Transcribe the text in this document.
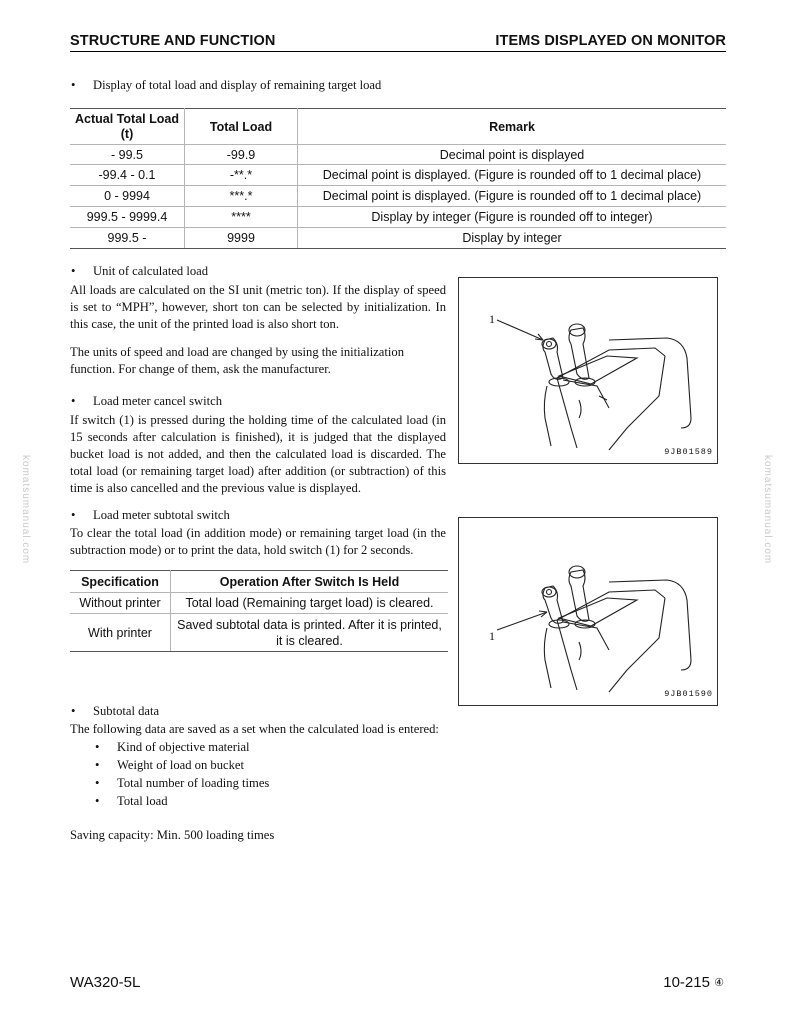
STRUCTURE AND FUNCTION	ITEMS DISPLAYED ON MONITOR
• Display of total load and display of remaining target load
Actual Total Load (t)	Total Load	Remark
- 99.5	-99.9	Decimal point is displayed
-99.4 - 0.1	-**.*	Decimal point is displayed. (Figure is rounded off to 1 decimal place)
0 - 9994	***.*	Decimal point is displayed. (Figure is rounded off to 1 decimal place)
999.5 - 9999.4	****	Display by integer (Figure is rounded off to integer)
999.5 -	9999	Display by integer
• Unit of calculated load
All loads are calculated on the SI unit (metric ton). If the display of speed is set to “MPH”, however, short ton can be selected by initialization. In this case, the unit of the printed load is also short ton.
The units of speed and load are changed by using the initialization function. For change of them, ask the manufacturer.
• Load meter cancel switch
If switch (1) is pressed during the holding time of the calculated load (in 15 seconds after calculation is finished), it is judged that the displayed bucket load is not added, and then the calculated load is discarded. The total load (or remaining target load) after addition (or subtraction) of this time is also cancelled and the previous value is displayed.
• Load meter subtotal switch
To clear the total load (in addition mode) or remaining target load (in the subtraction mode) or to print the data, hold switch (1) for 2 seconds.
Specification	Operation After Switch Is Held
Without printer	Total load (Remaining target load) is cleared.
With printer	Saved subtotal data is printed. After it is printed, it is cleared.
1
9JB01589
1
9JB01590
• Subtotal data
The following data are saved as a set when the calculated load is entered:
• Kind of objective material
• Weight of load on bucket
• Total number of loading times
• Total load
Saving capacity: Min. 500 loading times
komatsumanual.com	komatsumanual.com
WA320-5L	10-215 ④
